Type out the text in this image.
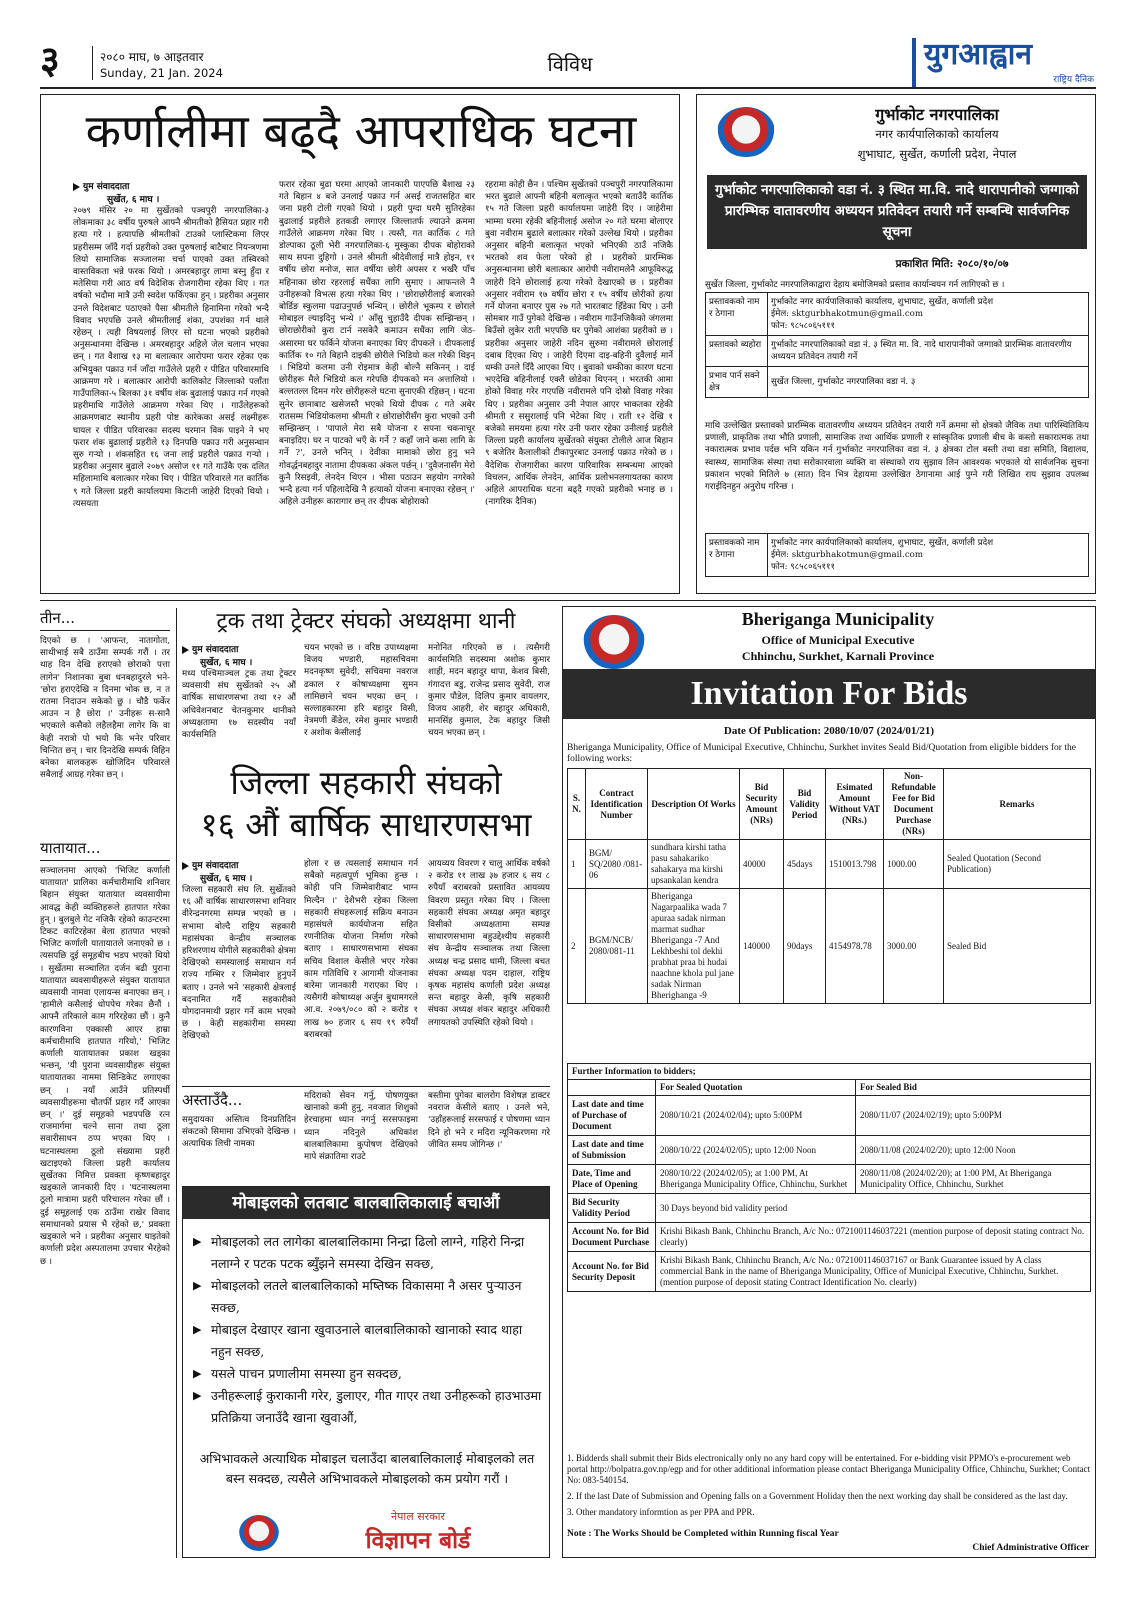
३	२०८० माघ, ७ आइतवार
Sunday, 21 Jan. 2024	विविध	युगआह्वान
राष्ट्रिय दैनिक
कर्णालीमा बढ्दै आपराधिक घटना
युम संवाददाता
सुर्खेत, ६ माघ ।
२०७९ मंसिर २० मा सुर्खेतको पञ्चपुरी नगरपालिका-३ लोकमाका ३८ वर्षीय पुरुषले आफ्नै श्रीमतीको हैसियत प्रहार गरी हत्या गरे । हत्यापछि श्रीमतीको टाउको प्लास्टिकमा लिएर प्रहरीसम्म जाँदै गर्दा प्रहरीको उक्त पुरुषलाई बाटैबाट नियन्त्रणमा लियो सामाजिक सञ्जालमा चर्चा पाएको उक्त तस्विरको वास्तविकता भन्ने फरक थियो । अमरबहादुर लामा बस्नु हुँदा र मतेसिया गरी आठ वर्ष विदेशिक रोजगारीमा रहेका थिए । गत वर्षको भदौमा मात्रै उनी स्वदेश फर्किएका हुन् । प्रहरीका अनुसार उनले विदेशबाट पठाएको पैसा श्रीमतीले हिनामिना गरेको भन्दै विवाद भएपछि उनले श्रीमतीलाई शंका, उपशंका गर्न थाले रहेछन् । त्यही विषयलाई लिएर सो घटना भएको प्रहरीको अनुसन्धानमा देखिन्छ । अमरबहादुर अहिले जेल चलान भएका छन् । गत वैशाख १३ मा बलात्कार आरोपमा फरार रहेका एक अभियुक्त पक्राउ गर्न जाँदा गाउँलेले प्रहरी र पीडित परिवारमाथि आक्रमण गरे । बलात्कार आरोपी कालिकोट जिल्लाको पलाँता गाउँपालिका-५ बिलका ३१ वर्षीय शंक बुढालाई पक्राउ गर्न गएको प्रहरीमाथि गाउँलेले आक्रमण गरेका थिए । गाउँलेहरूको आक्रमणबाट स्थानीय प्रहरी पोष्ट कारेकका असई लक्ष्मीहरू घायल र पीडित परिवारका सदस्य घरमान विक पाइने ने भए फरार शंक बुढालाई प्रहरीले १३ दिनपछि पक्राउ गरी अनुसन्धान सुरु गर्‍यो । शंकसहित १६ जना लाई प्रहरीले पक्राउ गर्‍यो । प्रहरीका अनुसार बुढाले २०७९ असोज ११ गते गाउँकै एक दलित महिलामाथि बलात्कार गरेका थिए । पीडित परिवारले गत कार्तिक ९ गते जिल्ला प्रहरी कार्यालयमा किटानी जाहेरी दिएको थियो । त्यसयता
फरार रहेका बुढा घरमा आएको जानकारी पाएपछि बैशाख २३ गते बिहान ४ बजे उनलाई पक्राउ गर्न असई राजतसहित बार जना प्रहरी टोली गएको थियो । प्रहरी पुग्दा घरमै सुतिरहेका बुढालाई प्रहरीले हतकडी लगाएर जिल्लातर्फ ल्याउने क्रममा गाउँलेले आक्रमण गरेका थिए । त्यस्तै, गत कार्तिक ८ गते डोल्पाका ठूली भेरी नगरपालिका-६ मुस्कुका दीपक बोहोराको साथ सपना दुहिगो । उनले श्रीमती श्रीदेवीलाई मात्रै होइन, ११ वर्षीय छोरा मनोज, सात वर्षीया छोरी अपसर र भर्खरै पाँच महिनाका छोरा रहरलाई सधैंका लागि सुमाए । आफन्तले नै उनीहरूको विभत्स हत्या गरेका थिए । 'छोराछोरीलाई बजारको बोर्डिङ स्कुलमा पढाउनुपर्छ भन्थिन् । छोरीले भूकम्प र छोराले मोबाइल ल्याइदिनु भन्थे ।' आँसु चुहाउँदै दीपक सम्झिन्छन् । छोराछोरीको कुरा टार्न नसकेरै कमाउन सधैंका लागि जेठ-असारमा घर फर्किने योजना बनाएका थिए दीपकले । दीपकलाई कार्तिक १० गते बिहानै दाइकी छोरीले भिडियो कल गरेकी थिइन् । भिडियो कलमा उनी रोइमात्र केही बोल्नै सकिनन् । दाई छोरीहरू मैले भिडियो कल गरेपछि दीपकको मन अत्तालियो । बल्लतल्ल दिमन गरेर छोरीहरूले घटना सुनाएकी रहिछन् । घटना सुनेर छानाबाट खसेजस्तै भएको थियो दीपक ८ गते अबेर रातसम्म भिडियोकलमा श्रीमती र छोराछोरीसँग कुरा भएको उनी सम्झिन्छन् । 'पापाले मेरा सबै योजना र सपना चकनाचूर बनाइदिए। घर न पाटको भएँ के गर्ने ? कहाँ जाने कसा लागि के गर्ने ?', उनले भनिन् । देवीका मामाको छोरा हुनु भने गोवर्द्धनबहादुर नातामा दीपकका अंकल पर्छन् । 'दुवैजनासँग मेरो कुनै रिसइवी, लेनदेन थिएन । भीसा पठाउन सहयोग नगरेको भन्दै हत्या गर्न पहिलादेखि नै हत्याको योजना बनाएका रहेछन् ।' अहिले उनीहरू कारागार छन् तर दीपक बोहोराको
रहरामा कोही छैन । पश्चिम सुर्खेतको पञ्चपुरी नगरपालिकामा भरत बुढाले आफ्नी बहिनी बलात्कृत भएको बताउँदै कार्तिक १५ गते जिल्ला प्रहरी कार्यालयमा जाहेरी दिए । जाहेरीमा भाम्मा घरमा रहेकी बहिनीलाई असोज २० गते घरमा बोलाएर बुवा नवीराम बुढाले बलात्कार गरेको उल्लेख थियो । प्रहरीका अनुसार बहिनी बलात्कृत भएको भनिएकी ठाउँ नजिकै भरतको शव फेला परेको हो । प्रहरीको प्रारम्भिक अनुसन्धानमा छोरी बलात्कार आरोपी नवीरामलेनै आफूविरुद्ध जाहेरी दिने छोरालाई हत्या गरेको देखाएको छ । प्रहरीका अनुसार नवीराम १७ वर्षीय छोरा र १५ वर्षीय छोरीको हत्या गर्ने योजना बनाएर पुस २७ गते भारतबाट हिँडेका थिए । उनी सोमबार गाउँ पुगेको देखिन्छ । नवीराम गाउँनजिकैको जंगलमा बिउँसो लुकेर राती भएपछि घर पुगेको आशंका प्रहरीको छ । प्रहरीका अनुसार जाहेरी नदिन सुरुमा नवीरामले छोरालाई दबाब दिएका थिए । जाहेरी दिएमा दाइ-बहिनी दुवैलाई मार्ने धम्की उनले दिँदै आएका थिए । बुवाको धम्कीका कारण घटना भएदेखि बहिनीलाई एक्लै छोडेका थिएनन् । भरतकी आमा होको विवाह गरेर गएपछि नवीरामले पनि दोस्रो विवाह गरेका थिए । प्रहरीका अनुसार उनी नेपाल आएर भाकतका रहेकी श्रीमती र ससुरालाई पनि भेटेका थिए । राती १२ देखि १ बजेको समयमा हत्या गरेर उनी फरार रहेका उनीलाई प्रहरीले जिल्ला प्रहरी कार्यालय सुर्खेतको संयुक्त टोलीले आज बिहान ९ बजेतिर कैलालीको टीकापुरबाट उनलाई पक्राउ गरेको छ । वैदेशिक रोजगारीका कारण पारिवारिक सम्बन्धमा आएको विचलन, आर्थिक लेनदेन, आर्थिक प्रलोभनलगायतका कारण अहिले आपराधिक घटना बढ्दै गएको प्रहरीको भनाइ छ । (नागरिक दैनिक)
गुर्भाकोट नगरपालिका
नगर कार्यपालिकाको कार्यालय
शुभाघाट, सुर्खेत, कर्णाली प्रदेश, नेपाल
गुर्भाकोट नगरपालिकाको वडा नं. ३ स्थित मा.वि. नादे धारापानीको जग्गाको प्रारम्भिक वातावरणीय अध्ययन प्रतिवेदन तयारी गर्ने सम्बन्धि सार्वजनिक सूचना
प्रकाशित मिति: २०८०/१०/०७
सुर्खेत जिल्ला, गुर्भाकोट नगरपालिकाद्वारा देहाय बमोजिमको प्रस्ताव कार्यान्वयन गर्न लागिएको छ ।
प्रस्तावकको नाम र ठेगाना	गुर्भाकोट नगर कार्यपालिकाको कार्यालय, शुभाघाट, सुर्खेत, कर्णाली प्रदेश
ईमेल: sktgurbhakotmun@gmail.com
फोन: ९८५८०६५१११
प्रस्तावको ब्यहोरा	गुर्भाकोट नगरपालिकाको वडा नं. ३ स्थित मा. वि. नादे धारापानीको जग्गाको प्रारम्भिक वातावरणीय अध्ययन प्रतिवेदन तयारी गर्ने
प्रभाव पार्न सक्ने क्षेत्र	सुर्खेत जिल्ला, गुर्भाकोट नगरपालिका वडा नं. ३
माथि उल्लेखित प्रस्तावको प्रारम्भिक वातावरणीय अध्ययन प्रतिवेदन तयारी गर्ने क्रममा सो क्षेत्रको जैविक तथा पारिस्थितिकिय प्रणाली, प्राकृतिक तथा भौति प्रणाली, सामाजिक तथा आर्थिक प्रणाली र सांस्कृतिक प्रणाली बीच के कस्तो सकारात्मक तथा नकारात्मक प्रभाव पर्दछ भनि यकिन गर्न गुर्भाकोट नगरपालिका वडा नं. ३ क्षेत्रका टोल बस्ती तथा वडा समिति, विद्यालय, स्वास्थ्य, सामाजिक संस्था तथा सरोकारवाला व्यक्ति वा संस्थाको राय सुझाव लिन आवश्यक भएकाले यो सार्वजनिक सुचना प्रकाशन भएको मितिले ७ (सात) दिन भित्र देहायमा उल्लेखित ठेगानामा आई पुग्ने गरी लिखित राय सुझाव उपलब्ध गराईदिनहुन अनुरोध गरिन्छ ।
प्रस्तावकको नाम र ठेगाना	गुर्भाकोट नगर कार्यपालिकाको कार्यालय, शुभाघाट, सुर्खेत, कर्णाली प्रदेश
ईमेल: sktgurbhakotmun@gmail.com
फोन: ९८५८०६५१११
तीन...
दिएको छ । 'आफन्त, नातागोता, साथीभाई सबै ठाउँमा सम्पर्क गरौं । तर थाह दिन देखि हराएको छोराको पत्ता लागेन' निशानका बुबा धनबहादुरले भने- 'छोरा हराएदेखि न दिनमा भोक छ, न त रातमा निदाउन सकेको छु । चौडै फर्केर आउन न है छोरा ।' उनीहरू स-सानै भएकाले कसैको लहैलहैमा लागेर कि वा केही नरात्रो पो भयो कि भनेर परिवार चिन्तित छन् । चार दिनदेखि सम्पर्क विहिन बनेका बालकहरू खोजिदिन परिवारले सबैलाई आग्रह गरेका छन् ।
यातायात...
सञ्चालनमा आएको 'भिजिट कर्णाली यातायात' प्रालिका कर्मचारीमाथि शनिवार बिहान संयुक्त यातायात व्यवसायीमा आवद्ध केही व्यक्तिहरूले हातपात गरेका हुन् । बुलबुले गेट नजिकै रहेको काउन्टरमा टिकट काटिरहेका बेला हातपात भएको भिजिट कर्णाली यातायातले जनाएको छ । त्यसपछि दुई समूहबीच भडप भएको थियो । सुर्खेतमा सञ्चालित दर्जन बढी पुराना यातायात व्यवसायीहरूले संयुक्त यातायात व्यवसायी नामवा एलायन्स बनाएका छन् । 'हामीले कसैलाई धोपपेच गरेका छैनौं । आफ्नै तरिकाले काम गरिरहेका छौं । कुनै कारणविना एक्कासी आएर हाम्रा कर्मचारीमाथि हातपात गरियो,' भिजिट कर्णाली यातायातका प्रकाश खड्का भन्छन्, 'यी पुराना व्यवसायीहरू संयुक्त यातायातका नाममा सिन्डिकेट लगाएका छन् । नयाँ आउँने प्रतिस्पर्धी व्यवसायीहरूमा चौतर्फी प्रहार गर्दै आएका छन् ।' दुई समूहको भडपपछि रत्न राजमार्गमा चल्ने साना तथा ठूला सवारीसाधन ठप्प भएका थिए । घटनास्थलमा ठूलो संख्यामा प्रहरी खटाइएको जिल्ला प्रहरी कार्यालय सुर्खेतका निमित्त प्रवक्ता कृष्णबहादुर खड्काले जानकारी दिए । 'घटनास्थलमा ठूलो मात्रामा प्रहरी परिचालन गरेका छौं । दुई समूहलाई एक ठाउँमा राखेर विवाद समाधानको प्रयास भै रहेको छ,' प्रवक्ता खड्काले भने । प्रहरीका अनुसार घाइतेको कर्णाली प्रदेश अस्पतालमा उपचार भैरहेको छ ।
ट्रक तथा ट्रेक्टर संघको अध्यक्षमा थानी
युम संवाददाता
सुर्खेत, ६ माघ ।
मध्य पश्चिमाञ्चल ट्रक तथा ट्रेक्टर व्यवसायी संघ सुर्खेतको २५ औं वार्षिक साधारणसभा तथा १२ औं अधिवेशनबाट चेतनकुमार थानीको अध्यक्षतामा १७ सदस्यीय नयाँ कार्यसमिति
चयन भएको छ । वरिष्ठ उपाध्यक्षमा विजय भण्डारी, महासचिवमा मदनकृष्ण सुवेदी, सचिवमा नवराज ढकाल र कोषाध्यक्षमा सुमन लामिछाने चयन भएका छन् । सल्लाहकारमा हरि बहादुर विसी, नेत्रमणी केँडेल, रमेश कुमार भण्डारी र अशोक केसीलाई
मनोनित गरिएको छ । त्यसैगरी कार्यसमिति सदस्यमा अशोक कुमार शाही, मदन बहादुर थापा, केशव बिसी, गंगादत्त बडु, राजेन्द्र प्रसाद सुवेदी, राज कुमार पौडेल, दिलिप कुमार वायलगर, विजय आहरी, शेर बहादुर अधिकारी, मानसिंह कुमाल, टेक बहादुर जिसी चयन भएका छन् ।
जिल्ला सहकारी संघको
१६ औं बार्षिक साधारणसभा
युम संवाददाता
सुर्खेत, ६ माघ ।
जिल्ला सहकारी संघ लि. सुर्खेतको १६ औं वार्षिक साधारणसभा शनिवार वीरेन्द्रनगरमा सम्पन्न भएको छ । सभामा बोल्दै राष्ट्रिय सहकारी महासंघका केन्द्रीय सञ्चालक हरिशरणाथ योगीले सहकारीको क्षेत्रमा देखिएको समस्यालाई समाधान गर्न राज्य गम्भिर र जिम्मेवार हुनुपर्ने बताए । उनले भने 'सहकारी क्षेत्रलाई बदनामित गर्दै सहकारीको योगदानमाथी प्रहार गर्ने काम भएको छ । केही सहकारीमा समस्या देखिएको
होला र छ त्यसलाई समाधान गर्न सबैको महत्वपूर्ण भूमिका हुन्छ । कोही पनि जिम्मेवारीबाट भाग्न मिल्दैन ।' देशैभरी रहेका जिल्ला सहकारी संघहरूलाई सक्रिय बनाउन महासंघले कार्ययोजना सहित रणनीतिक योजना निर्माण गरेको बताए । साधारणसभामा संघका सचिव विशाल केसीले भएर गरेका काम गतिविधि र आगामी योजनाका बारेमा जानकारी गराएका थिए । त्यसैगरी कोषाध्यक्ष अर्जुन बुधामगरले आ.व. २०७९/०८० को २ करोड १ लाख ७० हजार ६ सय १९ रुपैयाँ बराबरको
आयव्यय विवरण र चालु आर्थिक वर्षको २ करोड ११ लाख ३७ हजार ६ सय ८ रुपैयाँ बराबरको प्रस्तावित आयव्यय विवरण प्रस्तुत गरेका थिए । जिल्ला सहकारी संघका अध्यक्ष अमृत बहादुर विसीको अध्यक्षतामा सम्पन्न साधारणसभामा बहुउद्देश्यीय सहकारी संघ केन्द्रीय सञ्चालक तथा जिल्ला अध्यक्ष चन्द्र प्रसाद धामी, जिल्ला बचत संघका अध्यक्ष पदम दाहाल, राष्ट्रिय कृषक महासंघ कर्णाली प्रदेश अध्यक्ष सन्त बहादुर केसी, कृषि सहकारी संघका अध्यक्ष शंकर बहादुर अधिकारी लगायतको उपस्थिति रहेको थियो ।
अस्ताउँदै...
समुदायका अस्तित्व दिनप्रतिदिन संकटको सिमामा उभिएको देखिन्छ । अत्याधिक लिची नामका
मदिराको सेवन गर्नु, पोषणयुक्त खानाको कमी हुनु, नवजात शिशुको हेरचाहमा ध्यान नगर्नु सरसफाइमा ध्यान नदिनुले अधिकांश बालबालिकामा कुपोषण देखिएको मापे संक्रातिमा राउटे
बस्तीमा पुगेका बालरोग विशेषज्ञ डाक्टर नवराज केसीले बताए । उनले भने, 'उहाँहरूलाई सरसफाई र पोषणमा ध्यान दिने हो भने र मदिरा न्यूनिकरणमा गरे जीवित समय जोगिन्छ ।'
मोबाइलको लतबाट बालबालिकालाई बचाऔं
▶ मोबाइलको लत लागेका बालबालिकामा निन्द्रा ढिलो लाग्ने, गहिरो निन्द्रा नलाग्ने र पटक पटक ब्युँझने समस्या देखिन सक्छ,
▶ मोबाइलको लतले बालबालिकाको मष्तिष्क विकासमा नै असर पुऱ्याउन सक्छ,
▶ मोबाइल देखाएर खाना खुवाउनाले बालबालिकाको खानाको स्वाद थाहा नहुन सक्छ,
▶ यसले पाचन प्रणालीमा समस्या हुन सक्दछ,
▶ उनीहरूलाई कुराकानी गरेर, डुलाएर, गीत गाएर तथा उनीहरूको हाउभाउमा प्रतिक्रिया जनाउँदै खाना खुवाऔं,
अभिभावकले अत्याधिक मोबाइल चलाउँदा बालबालिकालाई मोबाइलको लत बस्न सक्दछ, त्यसैले अभिभावकले मोबाइलको कम प्रयोग गरौं ।
नेपाल सरकार
विज्ञापन बोर्ड
Bheriganga Municipality
Office of Municipal Executive
Chhinchu, Surkhet, Karnali Province
Invitation For Bids
Date Of Publication: 2080/10/07 (2024/01/21)
Bheriganga Municipality, Office of Municipal Executive, Chhinchu, Surkhet invites Seald Bid/Quotation from eligible bidders for the following works:
S. N.	Contract Identification Number	Description Of Works	Bid Security Amount (NRs)	Bid Validity Period	Esimated Amount Without VAT (NRs.)	Non-Refundable Fee for Bid Document Purchase (NRs)	Remarks
1	BGM/ SQ/2080 /081-06	sundhara kirshi tatha pasu sahakariko sahakarya ma kirshi upsankalan kendra	40000	45days	1510013.798	1000.00	Sealed Quotation (Second Publication)
2	BGM/NCB/ 2080/081-11	Bheriganga Nagarpaalika wada 7 apuraa sadak nirman marmat sudhar Bheriganga -7 And Lekhbeshi tol dekhi prabhat praa bi hudai naachne khola pul jane sadak Nirman Bherighanga -9	140000	90days	4154978.78	3000.00	Sealed Bid
Further Information to bidders;		
	For Sealed Quotation	For Sealed Bid
Last date and time of Purchase of Document	2080/10/21 (2024/02/04); upto 5:00PM	2080/11/07 (2024/02/19); upto 5:00PM
Last date and time of Submission	2080/10/22 (2024/02/05); upto 12:00 Noon	2080/11/08 (2024/02/20); upto 12:00 Noon
Date, Time and Place of Opening	2080/10/22 (2024/02/05); at 1:00 PM, At Bheriganga Municipality Office, Chhinchu, Surkhet	2080/11/08 (2024/02/20); at 1:00 PM, At Bheriganga Municipality Office, Chhinchu, Surkhet
Bid Security Validity Period	30 Days beyond bid validity period	
Account No. for Bid Document Purchase	Krishi Bikash Bank, Chhinchu Branch, A/c No.: 0721001146037221 (mention purpose of deposit stating contract No. clearly)	
Account No. for Bid Security Deposit	Krishi Bikash Bank, Chhinchu Branch, A/c No.: 0721001146037167 or Bank Guarantee issued by A class commercial Bank in the name of Bheriganga Municipality, Office of Municipal Executive, Chhinchu, Surkhet. (mention purpose of deposit stating Contract Identification No. clearly)	
1. Bidderds shall submit their Bids electronically only no any hard copy will be entertained. For e-bidding visit PPMO's e-procurement web portal http://bolpatra.gov.np/egp and for other additional information please contact Bheriganga Municipality Office, Chhinchu, Surkhet; Contact No: 083-540154.
2. If the last Date of Submission and Opening falls on a Government Holiday then the next working day shall be considered as the last day.
3. Other mandatory informtion as per PPA and PPR.
Note : The Works Should be Completed within Running fiscal Year
Chief Administrative Officer
